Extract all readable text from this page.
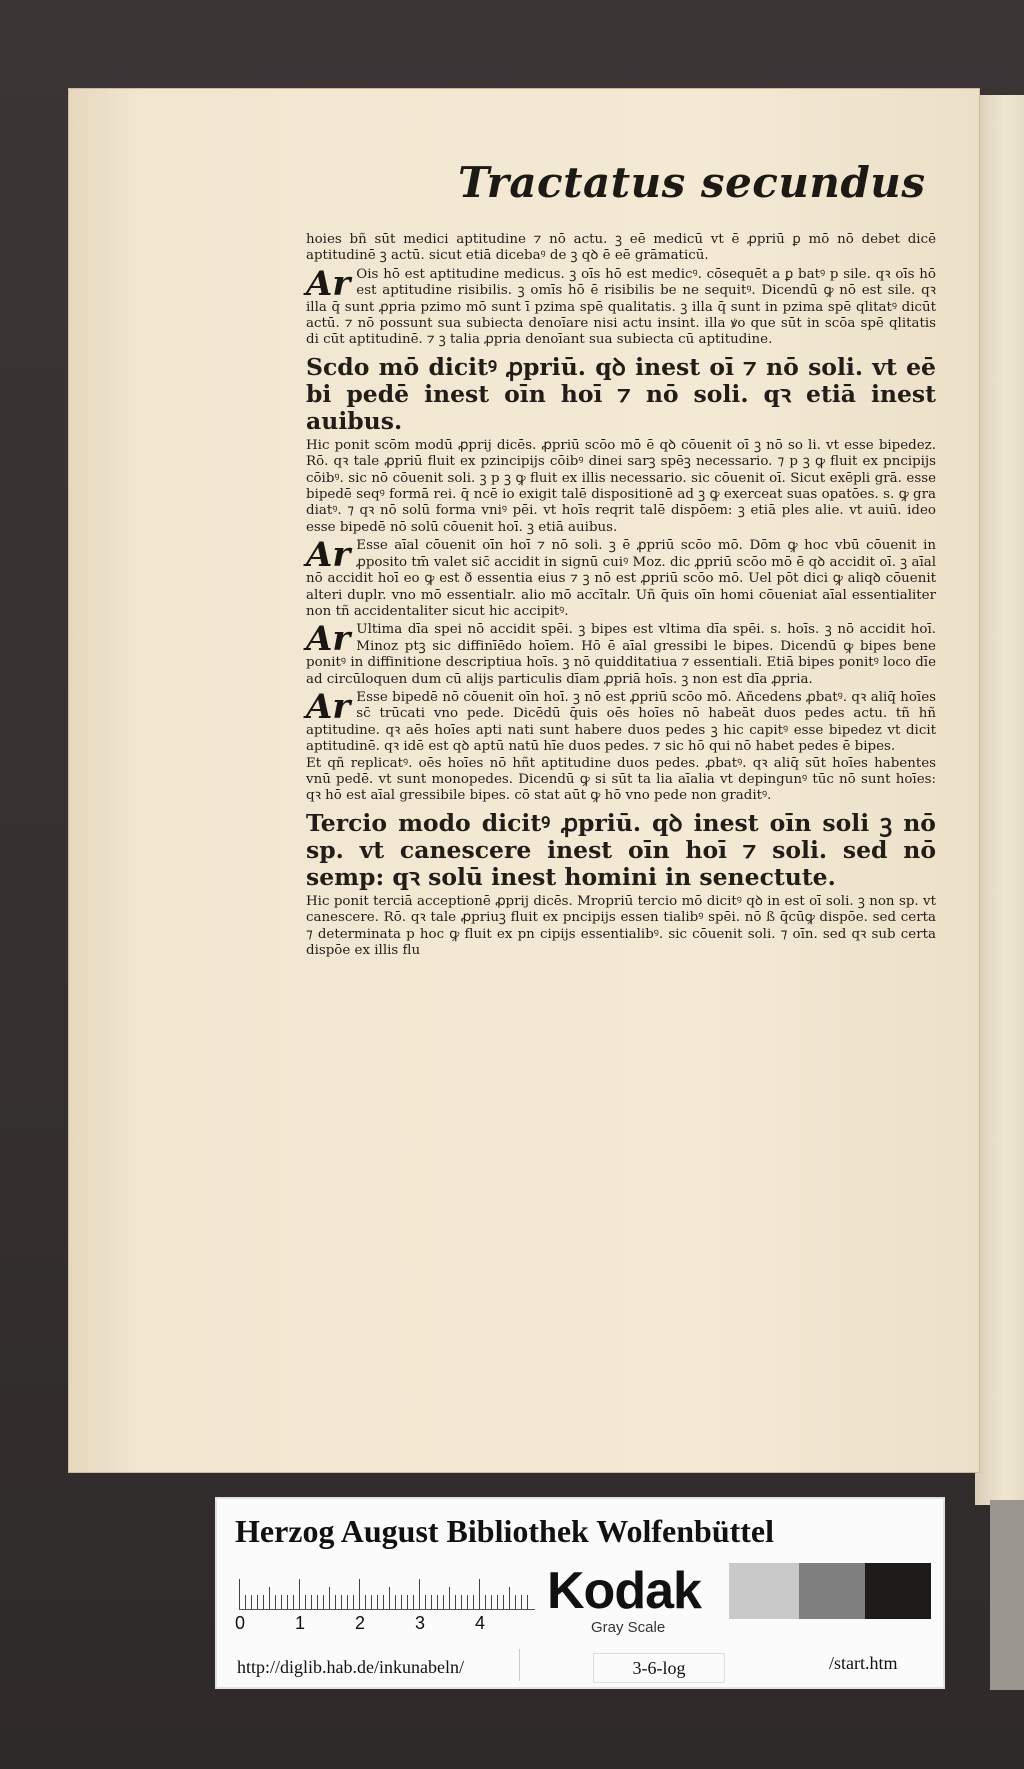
Tractatus secundus

hoies bñ sūt medici aptitudine ⁊ nō actu. ꝫ eē medicū vt ē ꝓpriū ꝑ mō nō debet dicē aptitudinē ꝫ actū. sicut etiā dicebaꝰ de ꝫ qꝺ ē eē grāmaticū.

Ar Ois hō est aptitudine medicus. ꝫ oīs hō est medicꝰ. cōsequēt a ꝑ batꝰ p sile. qꝛ oīs hō est aptitudine risibilis. ꝫ omīs hō ē risibilis be ne sequitꝰ. Dicendū ꝙ nō est sile. qꝛ illa q̄ sunt ꝓpria pzimo mō sunt ī pzima spē qualitatis. ꝫ illa q̄ sunt in pzima spē qlitatꝰ dicūt actū. ⁊ nō possunt sua subiecta denoīare nisi actu insint. illa ꝟo que sūt in scōa spē qlitatis di cūt aptitudinē. ⁊ ꝫ talia ꝓpria denoīant sua subiecta cū aptitudine.

Scdo mō dicitꝰ ꝓpriū. qꝺ inest oī ⁊ nō soli. vt eē bi pedē inest oīn hoī ⁊ nō soli. qꝛ etiā inest auibus.

Hic ponit scōm modū ꝓprij dicēs. ꝓpriū scōo mō ē qꝺ cōuenit oī ꝫ nō so li. vt esse bipedez. Rō. qꝛ tale ꝓpriū fluit ex pzincipijs cōibꝰ dinei sarꝫ spēꝫ necessario. ⁊ p ꝫ ꝙ fluit ex pncipijs cōibꝰ. sic nō cōuenit soli. ꝫ p ꝫ ꝙ fluit ex illis necessario. sic cōuenit oī. Sicut exēpli grā. esse bipedē seqꝰ formā rei. q̄ ncē io exigit talē dispositionē ad ꝫ ꝙ exerceat suas opatōes. s. ꝙ gra diatꝰ. ⁊ qꝛ nō solū forma vniꝰ pēi. vt hoīs reqrit talē dispōem: ꝫ etiā ples alie. vt auiū. ideo esse bipedē nō solū cōuenit hoī. ꝫ etiā auibus.

Ar Esse aīal cōuenit oīn hoī ⁊ nō soli. ꝫ ē ꝓpriū scōo mō. Dōm ꝙ hoc vbū cōuenit in ꝓposito tm̄ valet sic̄ accidit in signū cuiꝰ Moz. dic ꝓpriū scōo mō ē qꝺ accidit oī. ꝫ aīal nō accidit hoī eo ꝙ est ð essentia eius ⁊ ꝫ nō est ꝓpriū scōo mō. Uel pōt dici ꝙ aliqꝺ cōuenit alteri duplr. vno mō essentialr. alio mō accītalr. Uñ q̄uis oīn homi cōueniat aīal essentialiter non tñ accidentaliter sicut hic accipitꝰ.

Ar Ultima dīa spei nō accidit spēi. ꝫ bipes est vltima dīa spēi. s. hoīs. ꝫ nō accidit hoī. Minoz ptꝫ sic diffinīēdo hoīem. Hō ē aīal gressibi le bipes. Dicendū ꝙ bipes bene ponitꝰ in diffinitione descriptiua hoīs. ꝫ nō quidditatiua ⁊ essentiali. Etiā bipes ponitꝰ loco dīe ad circūloquen dum cū alijs particulis dīam ꝓpriā hoīs. ꝫ non est dīa ꝓpria.

Ar Esse bipedē nō cōuenit oīn hoī. ꝫ nō est ꝓpriū scōo mō. Añcedens ꝓbatꝰ. qꝛ aliq̄ hoīes sc̄ trūcati vno pede. Dicēdū q̄uis oēs hoīes nō habeāt duos pedes actu. tñ hñ aptitudine. qꝛ aēs hoīes apti nati sunt habere duos pedes ꝫ hic capitꝰ esse bipedez vt dicit aptitudinē. qꝛ idē est qꝺ aptū natū hīe duos pedes. ⁊ sic hō qui nō habet pedes ē bipes.

Et qñ replicatꝰ. oēs hoīes nō hñt aptitudine duos pedes. ꝓbatꝰ. qꝛ aliq̄ sūt hoīes habentes vnū pedē. vt sunt monopedes. Dicendū ꝙ si sūt ta lia aīalia vt depingunꝰ tūc nō sunt hoīes: qꝛ hō est aīal gressibile bipes. cō stat aūt ꝙ hō vno pede non graditꝰ.

Tercio modo dicitꝰ ꝓpriū. qꝺ inest oīn soli ꝫ nō sp. vt canescere inest oīn hoī ⁊ soli. sed nō semp: qꝛ solū inest homini in senectute.

Hic ponit terciā acceptionē ꝓprij dicēs. Mropriū tercio mō dicitꝰ qꝺ in est oī soli. ꝫ non sp. vt canescere. Rō. qꝛ tale ꝓpriuꝫ fluit ex pncipijs essen tialibꝰ spēi. nō ß q̄cūꝙ dispōe. sed certa ⁊ determinata p hoc ꝙ fluit ex pn cipijs essentialibꝰ. sic cōuenit soli. ⁊ oīn. sed qꝛ sub certa dispōe ex illis flu

Herzog August Bibliothek Wolfenbüttel
0	1	2	3	4
Kodak
Gray Scale
http://diglib.hab.de/inkunabeln/	3-6-log	/start.htm
